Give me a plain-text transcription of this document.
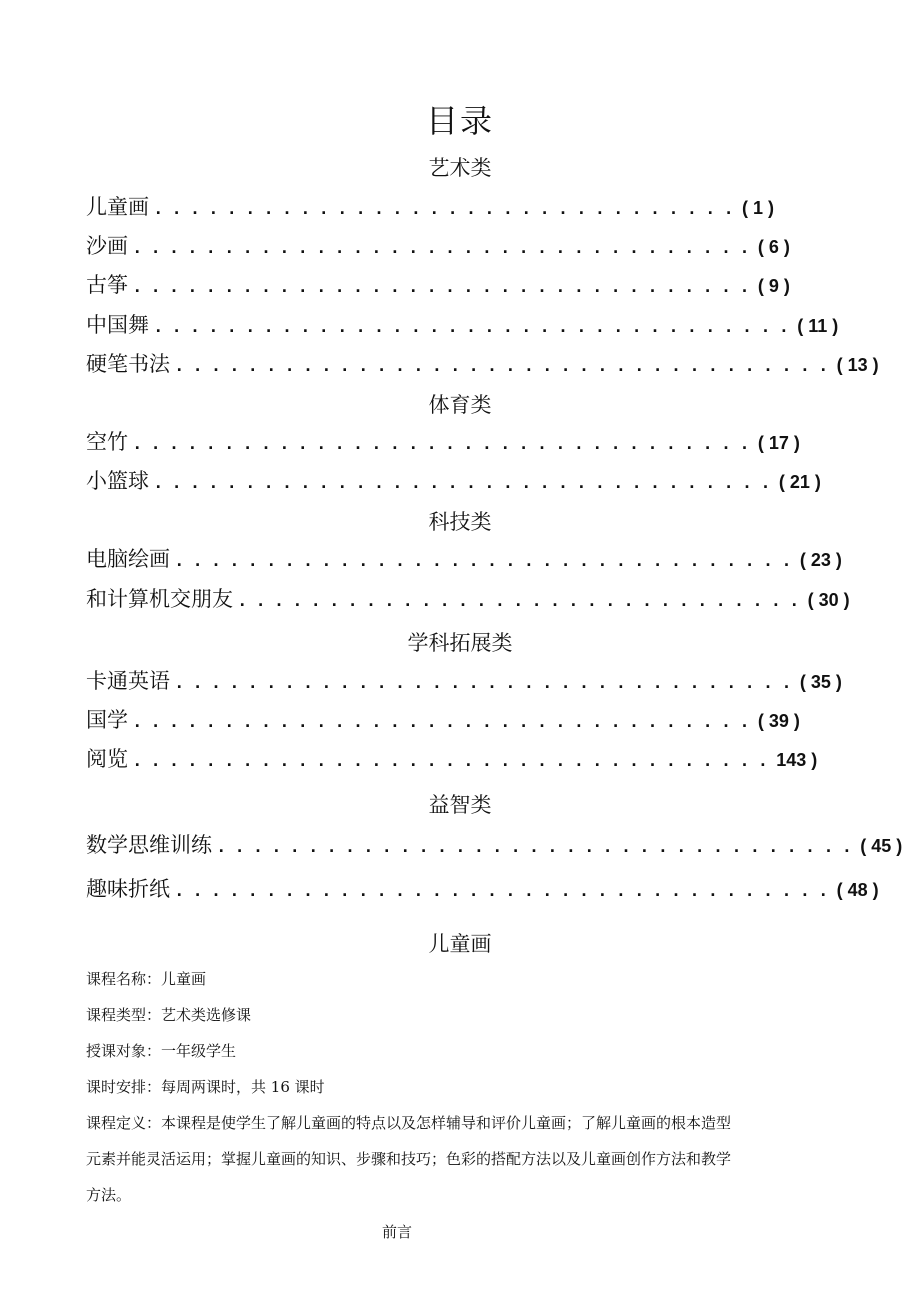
目录
艺术类
儿童画 . . . . . . . . . . . . . . . . . . . . . . . . . . . . . . . . ( 1 )
沙画 . . . . . . . . . . . . . . . . . . . . . . . . . . . . . . . . . . ( 6 )
古筝 . . . . . . . . . . . . . . . . . . . . . . . . . . . . . . . . . . ( 9 )
中国舞 . . . . . . . . . . . . . . . . . . . . . . . . . . . . . . . . . . . ( 11 )
硬笔书法 . . . . . . . . . . . . . . . . . . . . . . . . . . . . . . . . . . . . ( 13 )
体育类
空竹 . . . . . . . . . . . . . . . . . . . . . . . . . . . . . . . . . . ( 17 )
小篮球 . . . . . . . . . . . . . . . . . . . . . . . . . . . . . . . . . . ( 21 )
科技类
电脑绘画 . . . . . . . . . . . . . . . . . . . . . . . . . . . . . . . . . . ( 23 )
和计算机交朋友 . . . . . . . . . . . . . . . . . . . . . . . . . . . . . . . ( 30 )
学科拓展类
卡通英语 . . . . . . . . . . . . . . . . . . . . . . . . . . . . . . . . . . ( 35 )
国学 . . . . . . . . . . . . . . . . . . . . . . . . . . . . . . . . . . ( 39 )
阅览 . . . . . . . . . . . . . . . . . . . . . . . . . . . . . . . . . . . 143 )
益智类
数学思维训练 . . . . . . . . . . . . . . . . . . . . . . . . . . . . . . . . . . . ( 45 )
趣味折纸 . . . . . . . . . . . . . . . . . . . . . . . . . . . . . . . . . . . . ( 48 )
儿童画
课程名称：儿童画
课程类型：艺术类选修课
授课对象：一年级学生
课时安排：每周两课时，共 16 课时
课程定义：本课程是使学生了解儿童画的特点以及怎样辅导和评价儿童画；了解儿童画的根本造型
元素并能灵活运用；掌握儿童画的知识、步骤和技巧；色彩的搭配方法以及儿童画创作方法和教学
方法。
前言
